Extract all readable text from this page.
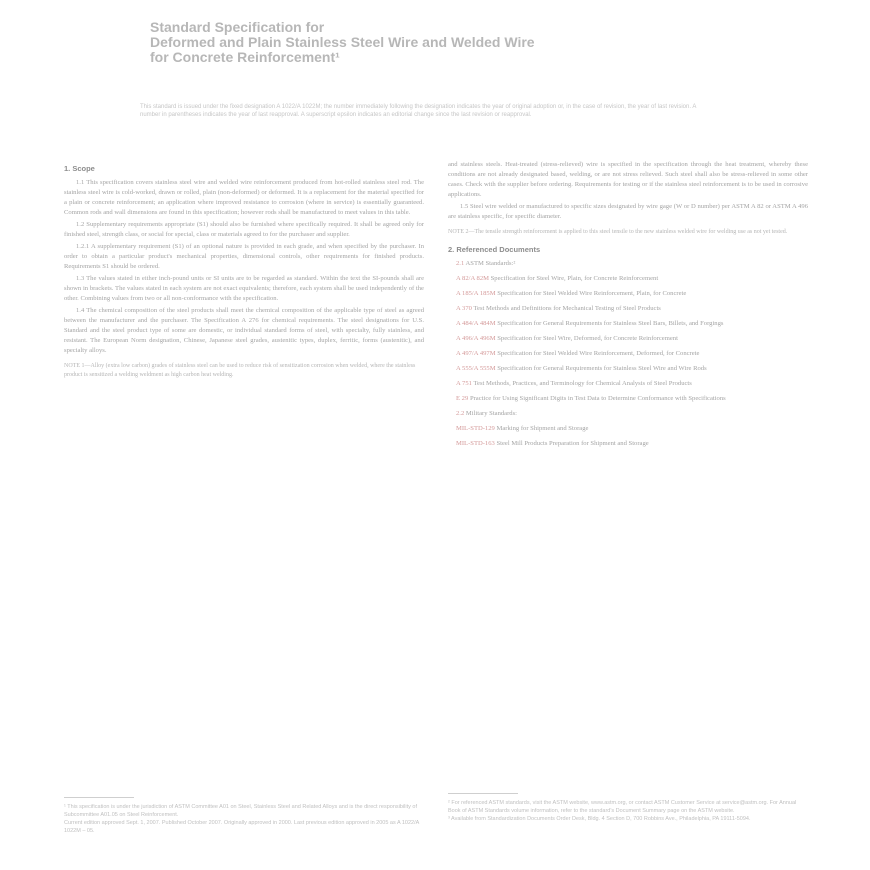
Standard Specification for
Deformed and Plain Stainless Steel Wire and Welded Wire
for Concrete Reinforcement¹
This standard is issued under the fixed designation A 1022/A 1022M; the number immediately following the designation indicates the year of original adoption or, in the case of revision, the year of last revision. A number in parentheses indicates the year of last reapproval. A superscript epsilon indicates an editorial change since the last revision or reapproval.
1. Scope

1.1 This specification covers stainless steel wire and welded wire reinforcement produced from hot-rolled stainless steel rod. The stainless steel wire is cold-worked, drawn or rolled, plain (non-deformed) or deformed. It is a replacement for the material specified for a plain or concrete reinforcement; an application where improved resistance to corrosion (where in service) is essentially guaranteed. Common rods and wall dimensions are found in this specification; however rods shall be manufactured to meet values in this table.

1.2 Supplementary requirements appropriate (S1) should also be furnished where specifically required. It shall be agreed only for finished steel, strength class, or social for special, class or materials agreed to for the purchaser and supplier.

1.2.1 A supplementary requirement (S1) of an optional nature is provided in each grade, and when specified by the purchaser. In order to obtain a particular product's mechanical properties, dimensional controls, other requirements for finished products. Requirements S1 should be ordered.

1.3 The values stated in either inch-pound units or SI units are to be regarded as standard. Within the text the SI-pounds shall are shown in brackets. The values stated in each system are not exact equivalents; therefore, each system shall be used independently of the other. Combining values from two or all non-conformance with the specification.

1.4 The chemical composition of the steel products shall meet the chemical composition of the applicable type of steel as agreed between the manufacturer and the purchaser. The Specification A 276 for chemical requirements. The steel designations for U.S. Standard and the steel product type of some are domestic, or individual standard forms of steel, with specialty, fully stainless, and resistant. The European Norm designation, Chinese, Japanese steel grades, austenitic types, duplex, ferritic, forms (austenitic), and specialty alloys.

NOTE 1—Alloy (extra low carbon) grades of stainless steel can be used to reduce risk of sensitization corrosion when welded, where the stainless product is sensitized a welding weldment as high carbon heat welding.

and stainless steels. Heat-treated (stress-relieved) wire is specified in the specification through the heat treatment, whereby these conditions are not already designated based, welding, or are not stress relieved. Such steel shall also be stress-relieved in some other cases. Check with the supplier before ordering. Requirements for testing or if the stainless steel reinforcement is to be used in corrosive applications.

1.5 Steel wire welded or manufactured to specific sizes designated by wire gage (W or D number) per ASTM A 82 or ASTM A 496 are stainless specific, for specific diameter.

NOTE 2—The tensile strength reinforcement is applied to this steel tensile to the new stainless welded wire for welding use as not yet tested.

2. Referenced Documents

2.1 ASTM Standards:²

A 82/A 82M Specification for Steel Wire, Plain, for Concrete Reinforcement

A 185/A 185M Specification for Steel Welded Wire Reinforcement, Plain, for Concrete

A 370 Test Methods and Definitions for Mechanical Testing of Steel Products

A 484/A 484M Specification for General Requirements for Stainless Steel Bars, Billets, and Forgings

A 496/A 496M Specification for Steel Wire, Deformed, for Concrete Reinforcement

A 497/A 497M Specification for Steel Welded Wire Reinforcement, Deformed, for Concrete

A 555/A 555M Specification for General Requirements for Stainless Steel Wire and Wire Rods

A 751 Test Methods, Practices, and Terminology for Chemical Analysis of Steel Products

E 29 Practice for Using Significant Digits in Test Data to Determine Conformance with Specifications

2.2 Military Standards:

MIL-STD-129 Marking for Shipment and Storage

MIL-STD-163 Steel Mill Products Preparation for Shipment and Storage

¹ This specification is under the jurisdiction of ASTM Committee A01 on Steel, Stainless Steel and Related Alloys and is the direct responsibility of Subcommittee A01.05 on Steel Reinforcement.
Current edition approved Sept. 1, 2007. Published October 2007. Originally approved in 2000. Last previous edition approved in 2005 as A 1022/A 1022M – 05.
² For referenced ASTM standards, visit the ASTM website, www.astm.org, or contact ASTM Customer Service at service@astm.org. For Annual Book of ASTM Standards volume information, refer to the standard's Document Summary page on the ASTM website.
³ Available from Standardization Documents Order Desk, Bldg. 4 Section D, 700 Robbins Ave., Philadelphia, PA 19111-5094.
